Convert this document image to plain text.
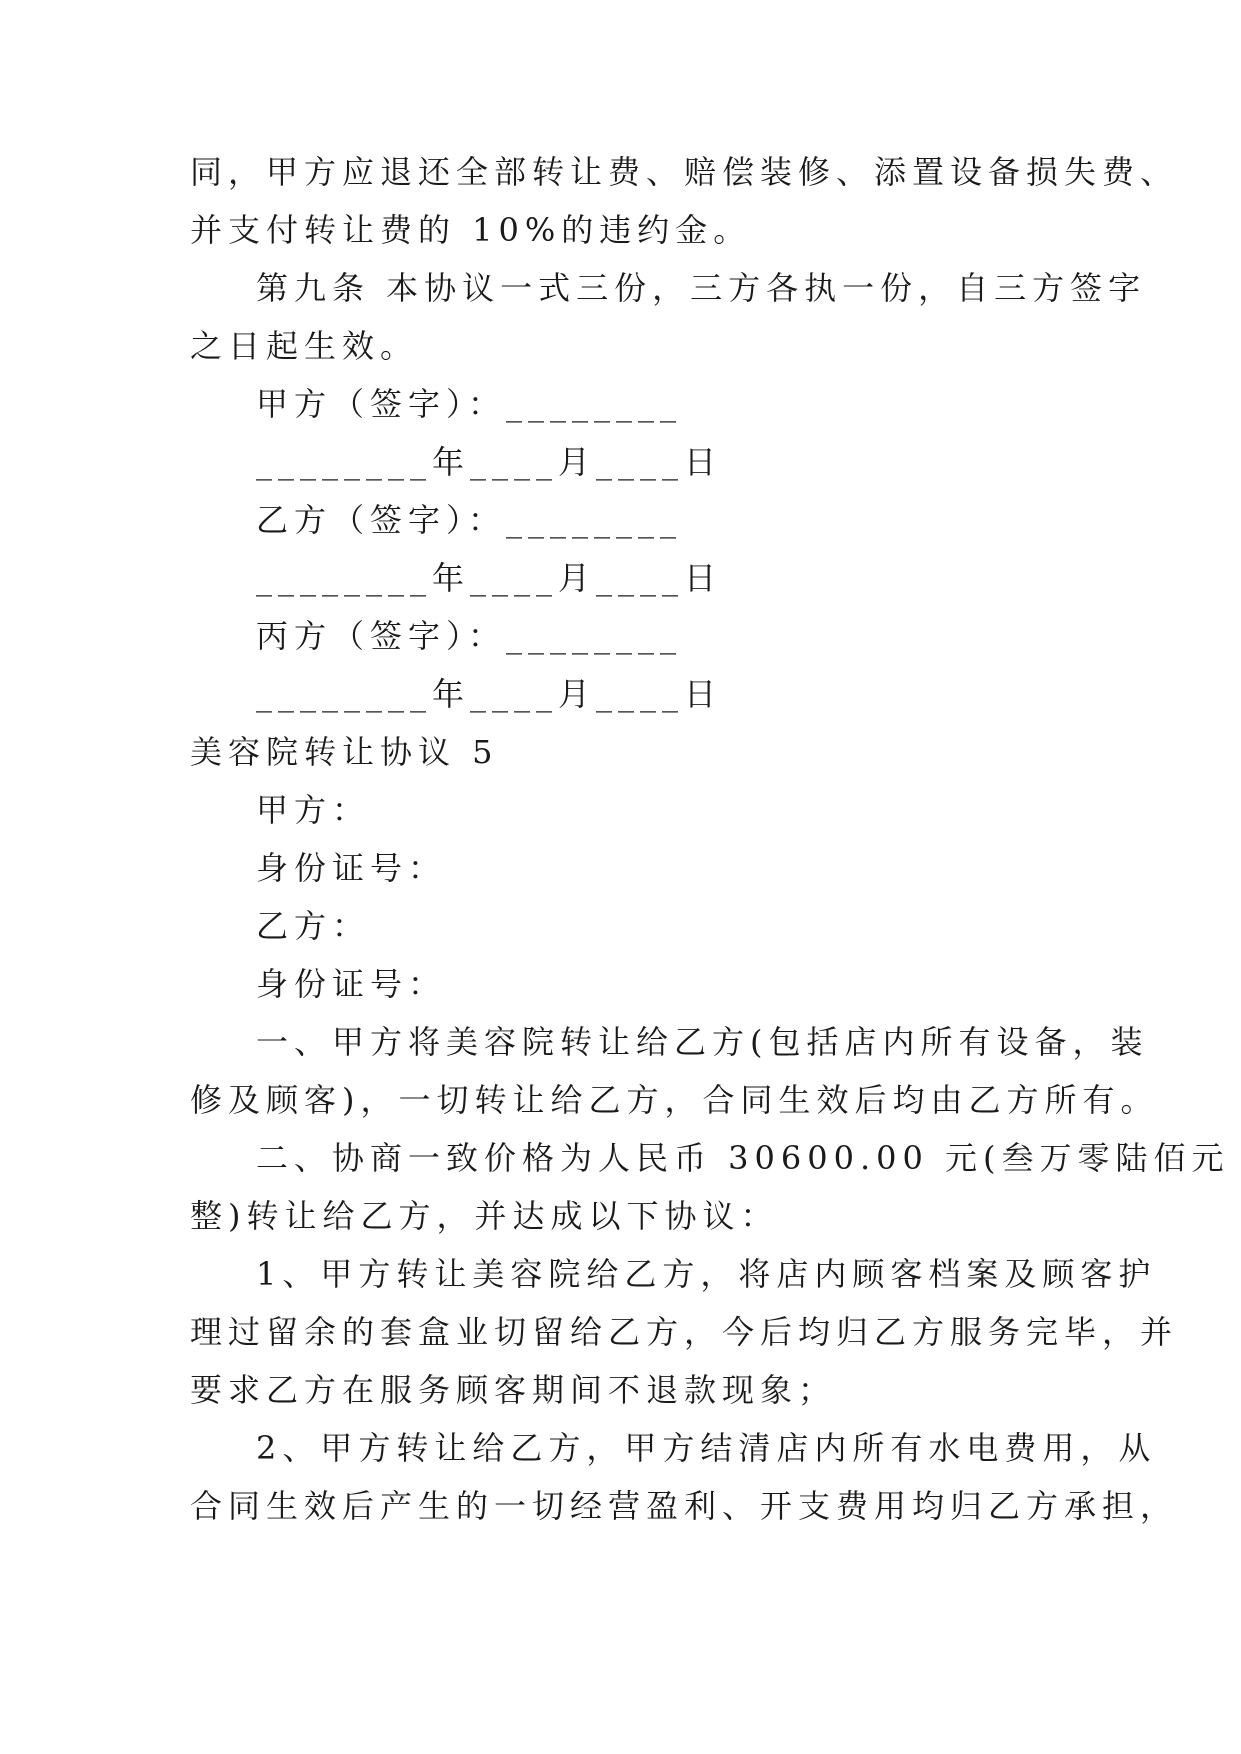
同，甲方应退还全部转让费、赔偿装修、添置设备损失费、
并支付转让费的 10%的违约金。
第九条 本协议一式三份，三方各执一份，自三方签字
之日起生效。
甲方（签字）：________
________年____月____日
乙方（签字）：________
________年____月____日
丙方（签字）：________
________年____月____日
美容院转让协议 5
甲方：
身份证号：
乙方：
身份证号：
一、甲方将美容院转让给乙方(包括店内所有设备，装
修及顾客)，一切转让给乙方，合同生效后均由乙方所有。
二、协商一致价格为人民币 30600.00 元(叁万零陆佰元
整)转让给乙方，并达成以下协议：
1、甲方转让美容院给乙方，将店内顾客档案及顾客护
理过留余的套盒业切留给乙方，今后均归乙方服务完毕，并
要求乙方在服务顾客期间不退款现象；
2、甲方转让给乙方，甲方结清店内所有水电费用，从
合同生效后产生的一切经营盈利、开支费用均归乙方承担，
